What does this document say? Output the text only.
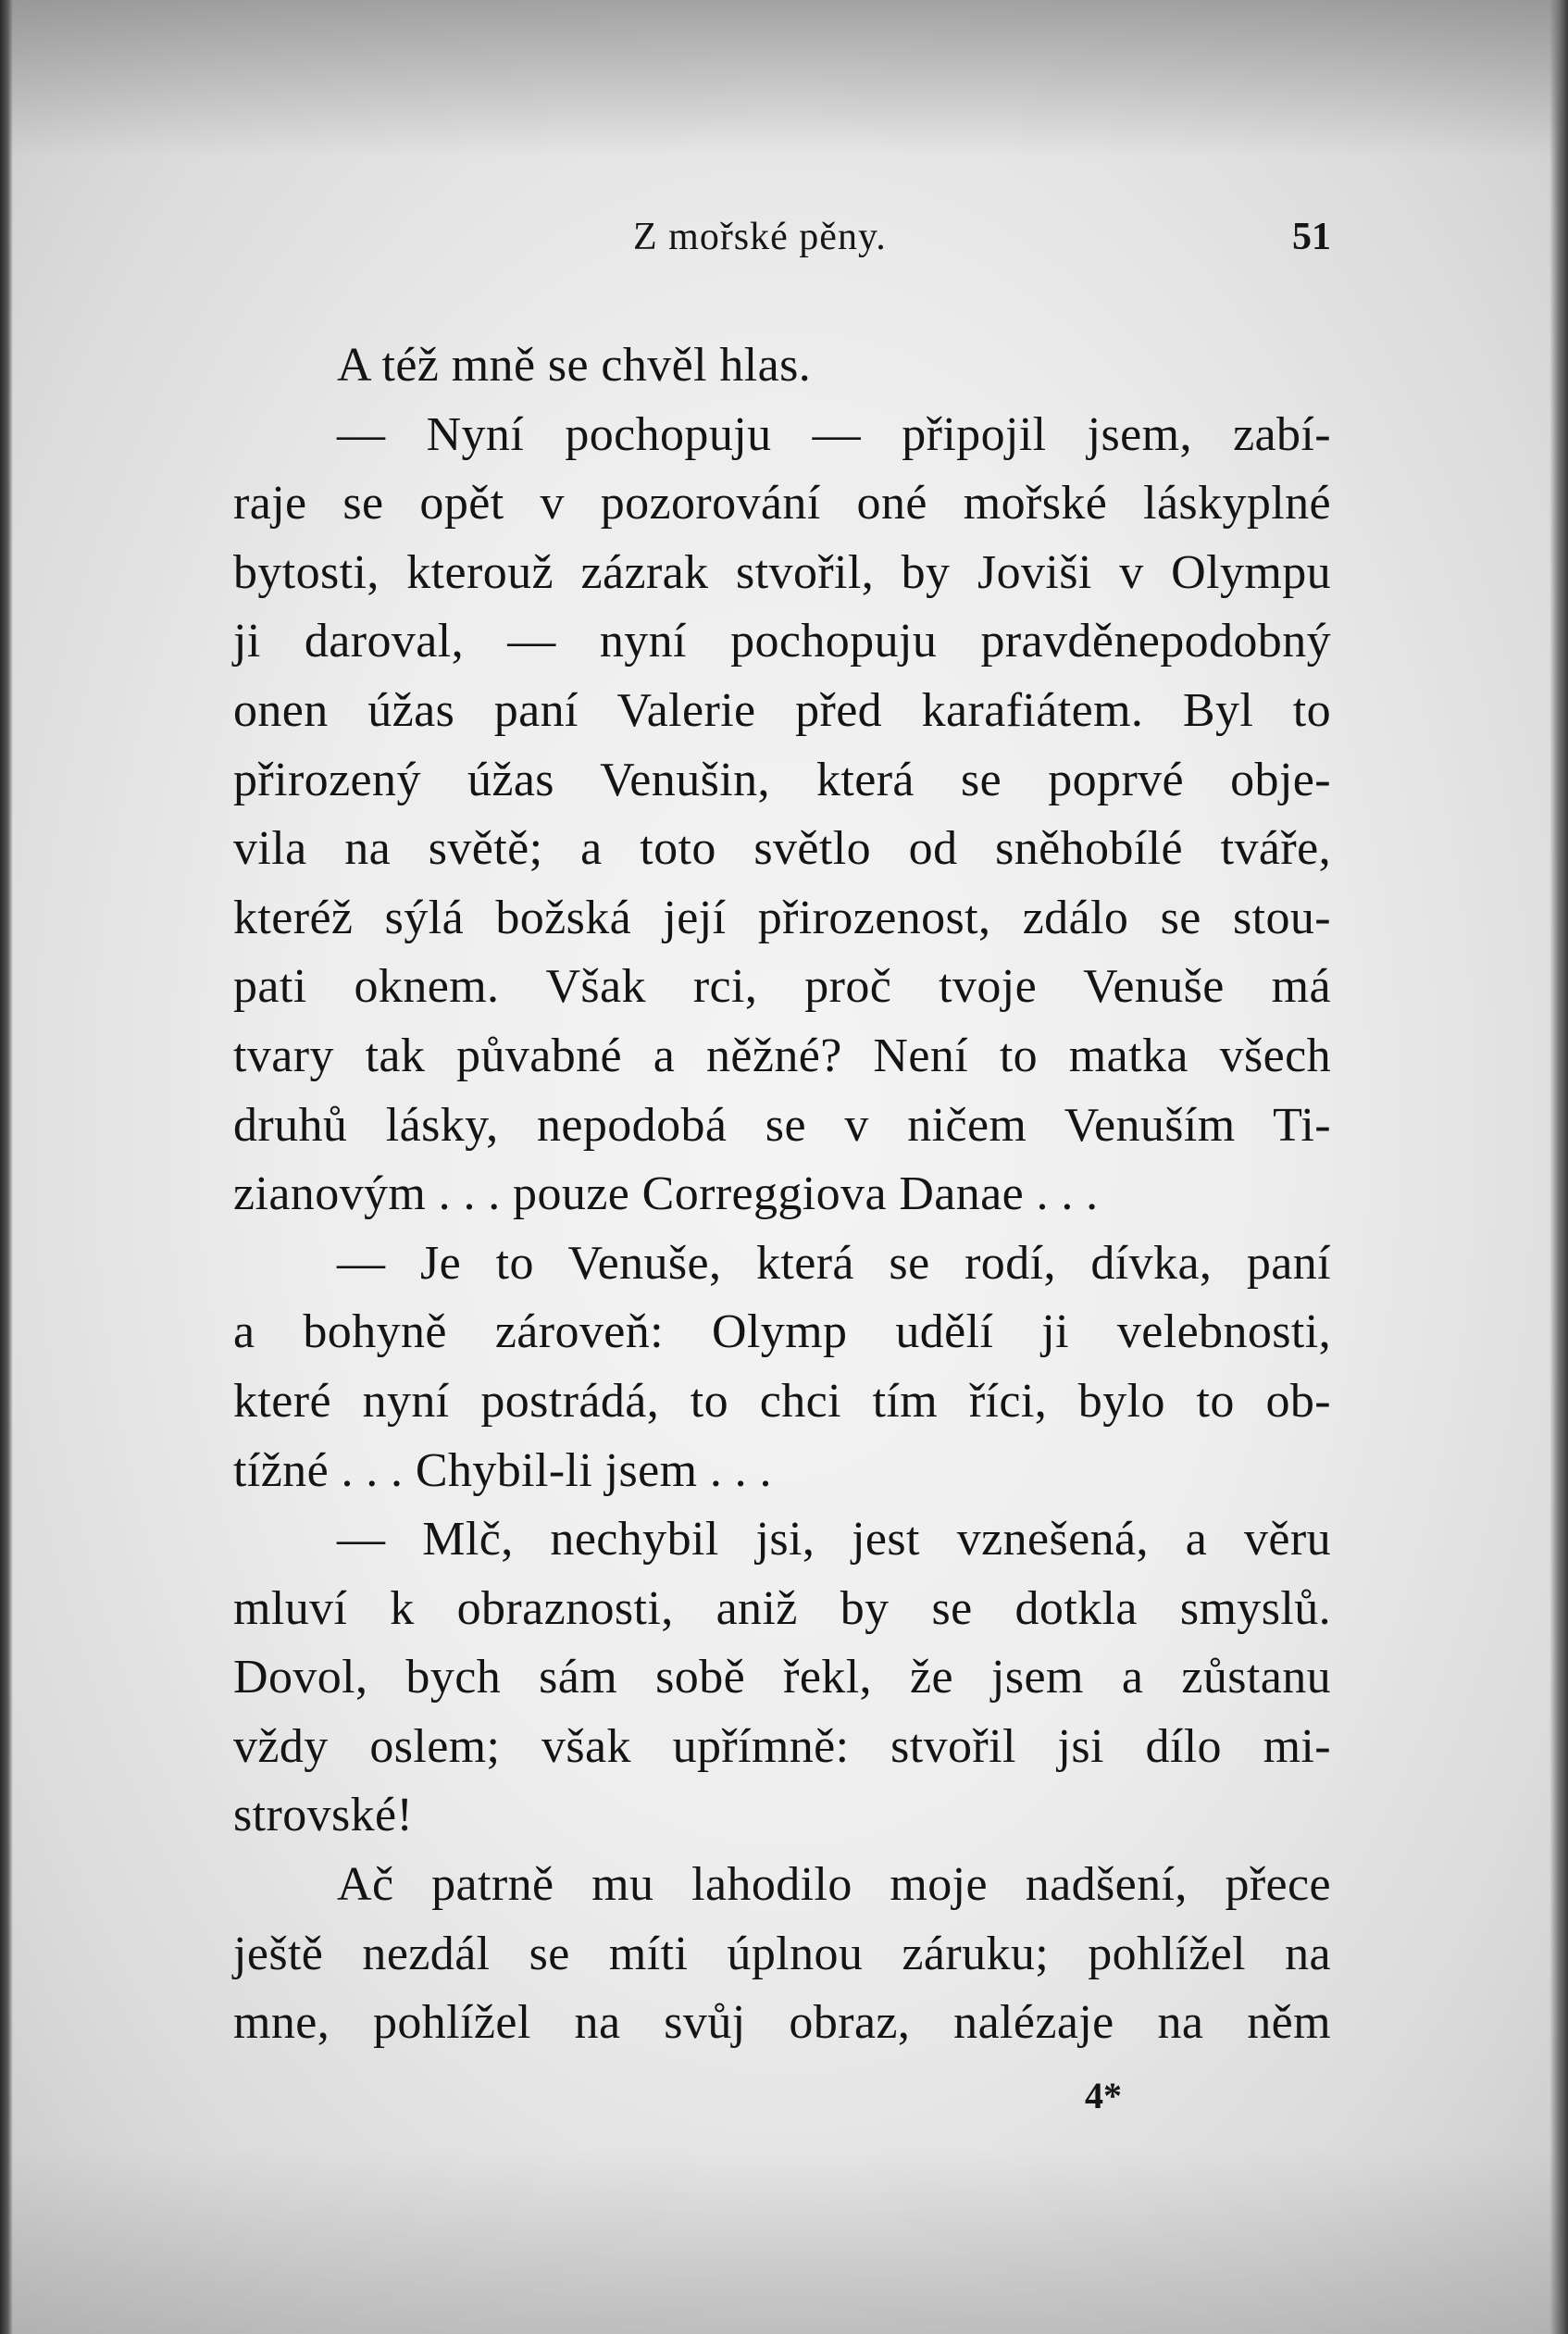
Z mořské pěny.	51
A též mně se chvěl hlas.
— Nyní pochopuju — připojil jsem, zabí-
raje se opět v pozorování oné mořské láskyplné
bytosti, kterouž zázrak stvořil, by Joviši v Olympu
ji daroval, — nyní pochopuju pravděnepodobný
onen úžas paní Valerie před karafiátem. Byl to
přirozený úžas Venušin, která se poprvé obje-
vila na světě; a toto světlo od sněhobílé tváře,
kteréž sýlá božská její přirozenost, zdálo se stou-
pati oknem. Však rci, proč tvoje Venuše má
tvary tak půvabné a něžné? Není to matka všech
druhů lásky, nepodobá se v ničem Venuším Ti-
zianovým . . . pouze Correggiova Danae . . .
— Je to Venuše, která se rodí, dívka, paní
a bohyně zároveň: Olymp udělí ji velebnosti,
které nyní postrádá, to chci tím říci, bylo to ob-
tížné . . . Chybil-li jsem . . .
— Mlč, nechybil jsi, jest vznešená, a věru
mluví k obraznosti, aniž by se dotkla smyslů.
Dovol, bych sám sobě řekl, že jsem a zůstanu
vždy oslem; však upřímně: stvořil jsi dílo mi-
strovské!
Ač patrně mu lahodilo moje nadšení, přece
ještě nezdál se míti úplnou záruku; pohlížel na
mne, pohlížel na svůj obraz, nalézaje na něm
4*
